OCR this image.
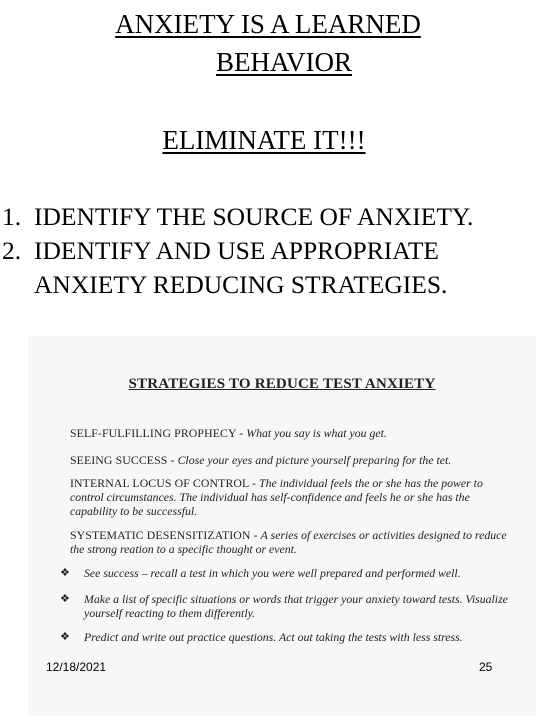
ANXIETY IS A LEARNED
BEHAVIOR
ELIMINATE IT!!!
1. IDENTIFY THE SOURCE OF ANXIETY.
2. IDENTIFY AND USE APPROPRIATE
ANXIETY REDUCING STRATEGIES.
STRATEGIES TO REDUCE TEST ANXIETY
SELF-FULFILLING PROPHECY - What you say is what you get.
SEEING SUCCESS - Close your eyes and picture yourself preparing for the tet.
INTERNAL LOCUS OF CONTROL - The individual feels the or she has the power to control circumstances. The individual has self-confidence and feels he or she has the capability to be successful.
SYSTEMATIC DESENSITIZATION - A series of exercises or activities designed to reduce the strong reation to a specific thought or event.
❖ See success – recall a test in which you were well prepared and performed well.
❖ Make a list of specific situations or words that trigger your anxiety toward tests. Visualize yourself reacting to them differently.
❖ Predict and write out practice questions. Act out taking the tests with less stress.
12/18/2021	25
